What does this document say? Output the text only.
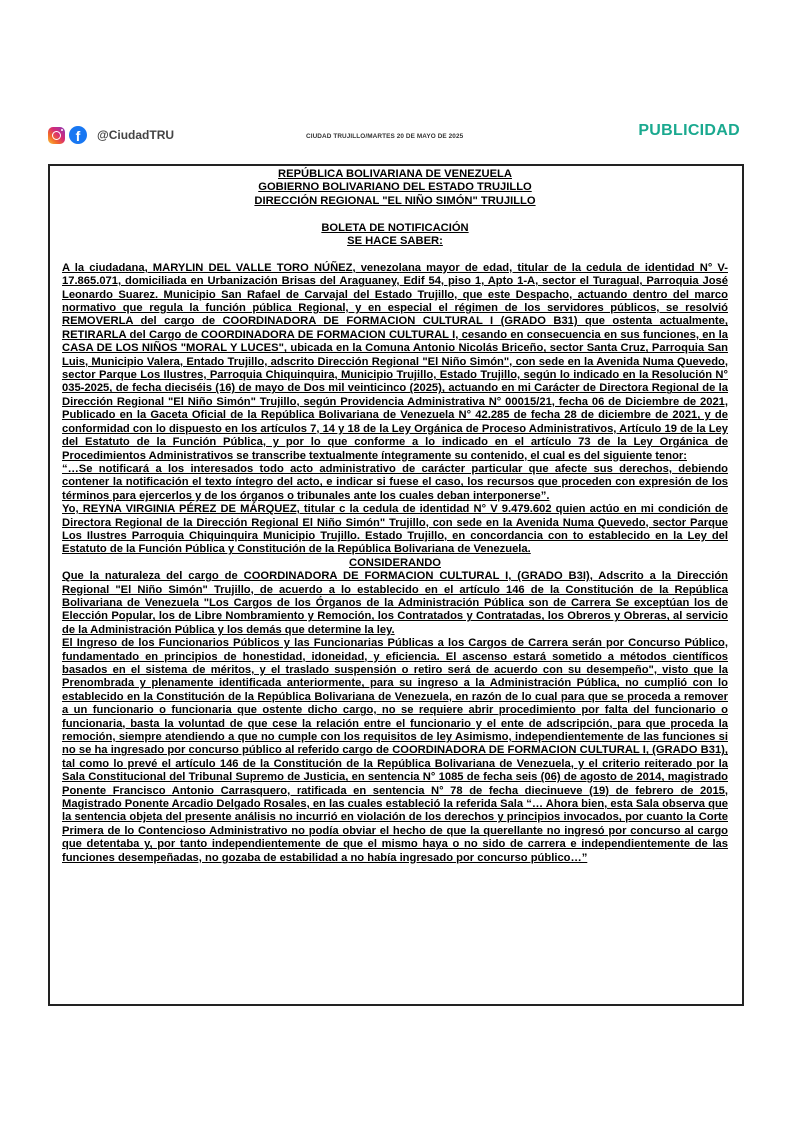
f	@CiudadTRU	CIUDAD TRUJILLO/MARTES 20 DE MAYO DE 2025	PUBLICIDAD
REPÚBLICA BOLIVARIANA DE VENEZUELA
GOBIERNO BOLIVARIANO DEL ESTADO TRUJILLO
DIRECCIÓN REGIONAL "EL NIÑO SIMÓN" TRUJILLO
BOLETA DE NOTIFICACIÓN
SE HACE SABER:

A la ciudadana, MARYLIN DEL VALLE TORO NÚÑEZ, venezolana mayor de edad, titular de la cedula de identidad N° V- 17.865.071, domiciliada en Urbanización Brisas del Araguaney, Edif 54, piso 1, Apto 1-A, sector el Turagual, Parroquia José Leonardo Suarez. Municipio San Rafael de Carvajal del Estado Trujillo, que este Despacho, actuando dentro del marco normativo que regula la función pública Regional, y en especial el régimen de los servidores públicos, se resolvió REMOVERLA del cargo de COORDINADORA DE FORMACION CULTURAL I (GRADO B31) que ostenta actualmente, RETIRARLA del Cargo de COORDINADORA DE FORMACION CULTURAL I, cesando en consecuencia en sus funciones, en la CASA DE LOS NIÑOS "MORAL Y LUCES", ubicada en la Comuna Antonio Nicolás Briceño, sector Santa Cruz, Parroquia San Luis, Municipio Valera, Entado Trujillo, adscrito Dirección Regional "El Niño Simón", con sede en la Avenida Numa Quevedo, sector Parque Los Ilustres, Parroquia Chiquinquira, Municipio Trujillo, Estado Trujillo, según lo indicado en la Resolución N° 035-2025, de fecha dieciséis (16) de mayo de Dos mil veinticinco (2025), actuando en mi Carácter de Directora Regional de la Dirección Regional "El Niño Simón" Trujillo, según Providencia Administrativa N° 00015/21, fecha 06 de Diciembre de 2021, Publicado en la Gaceta Oficial de la República Bolivariana de Venezuela N° 42.285 de fecha 28 de diciembre de 2021, y de conformidad con lo dispuesto en los artículos 7, 14 y 18 de la Ley Orgánica de Proceso Administrativos, Artículo 19 de la Ley del Estatuto de la Función Pública, y por lo que conforme a lo indicado en el artículo 73 de la Ley Orgánica de Procedimientos Administrativos se transcribe textualmente íntegramente su contenido, el cual es del siguiente tenor:

“…Se notificará a los interesados todo acto administrativo de carácter particular que afecte sus derechos, debiendo contener la notificación el texto íntegro del acto, e indicar si fuese el caso, los recursos que proceden con expresión de los términos para ejercerlos y de los órganos o tribunales ante los cuales deban interponerse”.

Yo, REYNA VIRGINIA PÉREZ DE MÁRQUEZ, titular c la cedula de identidad N° V 9.479.602 quien actúo en mi condición de Directora Regional de la Dirección Regional El Niño Simón" Trujillo, con sede en la Avenida Numa Quevedo, sector Parque Los Ilustres Parroquia Chiquinquira Municipio Trujillo. Estado Trujillo, en concordancia con to establecido en la Ley del Estatuto de la Función Pública y Constitución de la República Bolivariana de Venezuela.

CONSIDERANDO

Que la naturaleza del cargo de COORDINADORA DE FORMACION CULTURAL I, (GRADO B3I), Adscrito a la Dirección Regional "El Niño Simón" Trujillo, de acuerdo a lo establecido en el artículo 146 de la Constitución de la República Bolivariana de Venezuela "Los Cargos de los Órganos de la Administración Pública son de Carrera Se exceptúan los de Elección Popular, los de Libre Nombramiento y Remoción, los Contratados y Contratadas, los Obreros y Obreras, al servicio de la Administración Pública y los demás que determine la ley.

El Ingreso de los Funcionarios Públicos y las Funcionarias Públicas a los Cargos de Carrera serán por Concurso Público, fundamentado en principios de honestidad, idoneidad, y eficiencia. El ascenso estará sometido a métodos científicos basados en el sistema de méritos, y el traslado suspensión o retiro será de acuerdo con su desempeño", visto que la Prenombrada y plenamente identificada anteriormente, para su ingreso a la Administración Pública, no cumplió con lo establecido en la Constitución de la República Bolivariana de Venezuela, en razón de lo cual para que se proceda a remover a un funcionario o funcionaria que ostente dicho cargo, no se requiere abrir procedimiento por falta del funcionario o funcionaria, basta la voluntad de que cese la relación entre el funcionario y el ente de adscripción, para que proceda la remoción, siempre atendiendo a que no cumple con los requisitos de ley Asimismo, independientemente de las funciones si no se ha ingresado por concurso público al referido cargo de COORDINADORA DE FORMACION CULTURAL I, (GRADO B31), tal como lo prevé el artículo 146 de la Constitución de la República Bolivariana de Venezuela, y el criterio reiterado por la Sala Constitucional del Tribunal Supremo de Justicia, en sentencia N° 1085 de fecha seis (06) de agosto de 2014, magistrado Ponente Francisco Antonio Carrasquero, ratificada en sentencia N° 78 de fecha diecinueve (19) de febrero de 2015, Magistrado Ponente Arcadio Delgado Rosales, en las cuales estableció la referida Sala “… Ahora bien, esta Sala observa que la sentencia objeta del presente análisis no incurrió en violación de los derechos y principios invocados, por cuanto la Corte Primera de lo Contencioso Administrativo no podía obviar el hecho de que la querellante no ingresó por concurso al cargo que detentaba y, por tanto independientemente de que el mismo haya o no sido de carrera e independientemente de las funciones desempeñadas, no gozaba de estabilidad a no había ingresado por concurso público…”
